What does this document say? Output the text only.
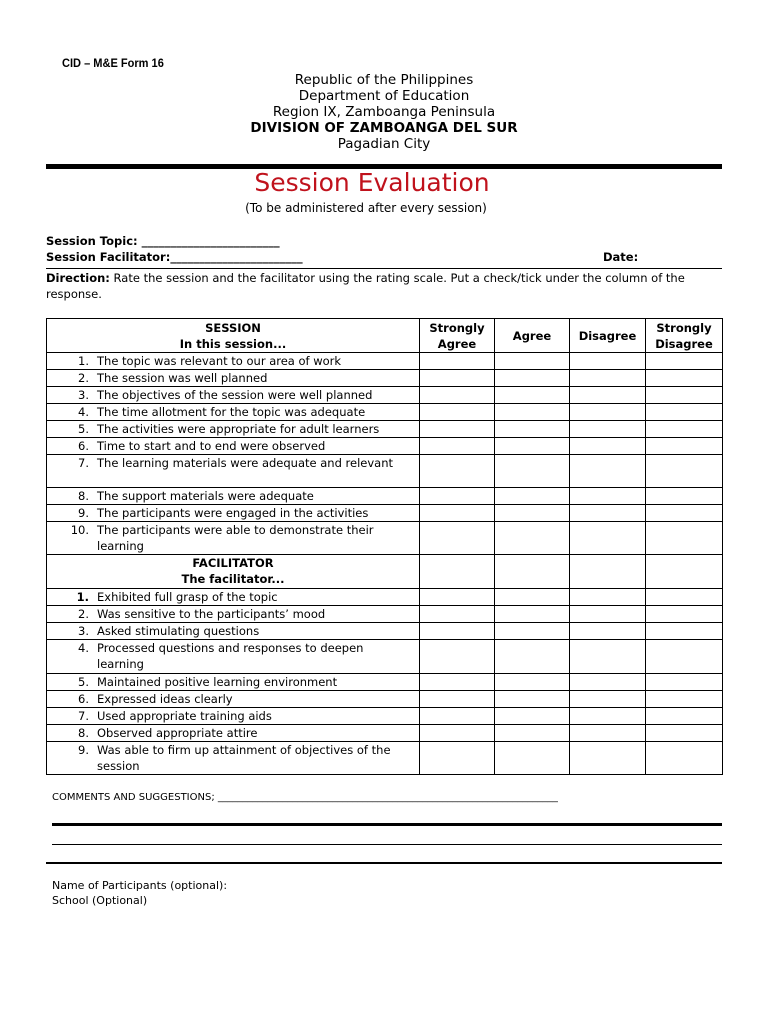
CID – M&E Form 16
Republic of the Philippines
Department of Education
Region IX, Zamboanga Peninsula
DIVISION OF ZAMBOANGA DEL SUR
Pagadian City
Session Evaluation
(To be administered after every session)
Session Topic: ________________________
Session Facilitator:_______________________	Date:
Direction: Rate the session and the facilitator using the rating scale. Put a check/tick under the column of the response.
SESSION
In this session...	Strongly Agree	Agree	Disagree	Strongly Disagree

1. The topic was relevant to our area of work				

2. The session was well planned				

3. The objectives of the session were well planned				

4. The time allotment for the topic was adequate				

5. The activities were appropriate for adult learners				

6. Time to start and to end were observed				

7. The learning materials were adequate and relevant				

8. The support materials were adequate				

9. The participants were engaged in the activities				

10. The participants were able to demonstrate their learning				

FACILITATOR
The facilitator...				

1. Exhibited full grasp of the topic				

2. Was sensitive to the participants’ mood				

3. Asked stimulating questions				

4. Processed questions and responses to deepen learning				

5. Maintained positive learning environment				

6. Expressed ideas clearly				

7. Used appropriate training aids				

8. Observed appropriate attire				

9. Was able to firm up attainment of objectives of the session				

COMMENTS AND SUGGESTIONS; ____________________________________________________________________
Name of Participants (optional):
School (Optional)
